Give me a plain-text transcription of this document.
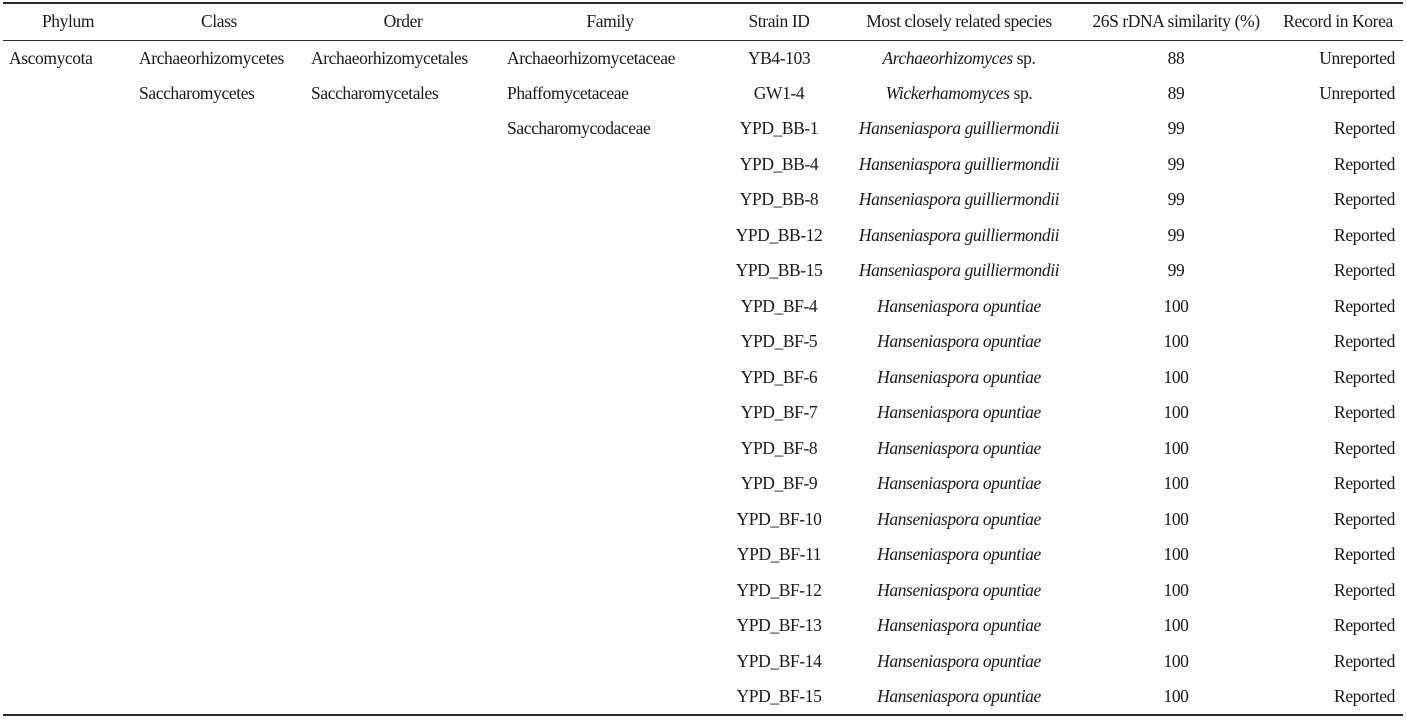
Phylum	Class	Order	Family	Strain ID	Most closely related species	26S rDNA similarity (%)	Record in Korea
Ascomycota	Archaeorhizomycetes	Archaeorhizomycetales	Archaeorhizomycetaceae	YB4-103	Archaeorhizomyces sp.	88	Unreported
	Saccharomycetes	Saccharomycetales	Phaffomycetaceae	GW1-4	Wickerhamomyces sp.	89	Unreported
			Saccharomycodaceae	YPD_BB-1	Hanseniaspora guilliermondii	99	Reported
				YPD_BB-4	Hanseniaspora guilliermondii	99	Reported
				YPD_BB-8	Hanseniaspora guilliermondii	99	Reported
				YPD_BB-12	Hanseniaspora guilliermondii	99	Reported
				YPD_BB-15	Hanseniaspora guilliermondii	99	Reported
				YPD_BF-4	Hanseniaspora opuntiae	100	Reported
				YPD_BF-5	Hanseniaspora opuntiae	100	Reported
				YPD_BF-6	Hanseniaspora opuntiae	100	Reported
				YPD_BF-7	Hanseniaspora opuntiae	100	Reported
				YPD_BF-8	Hanseniaspora opuntiae	100	Reported
				YPD_BF-9	Hanseniaspora opuntiae	100	Reported
				YPD_BF-10	Hanseniaspora opuntiae	100	Reported
				YPD_BF-11	Hanseniaspora opuntiae	100	Reported
				YPD_BF-12	Hanseniaspora opuntiae	100	Reported
				YPD_BF-13	Hanseniaspora opuntiae	100	Reported
				YPD_BF-14	Hanseniaspora opuntiae	100	Reported
				YPD_BF-15	Hanseniaspora opuntiae	100	Reported
